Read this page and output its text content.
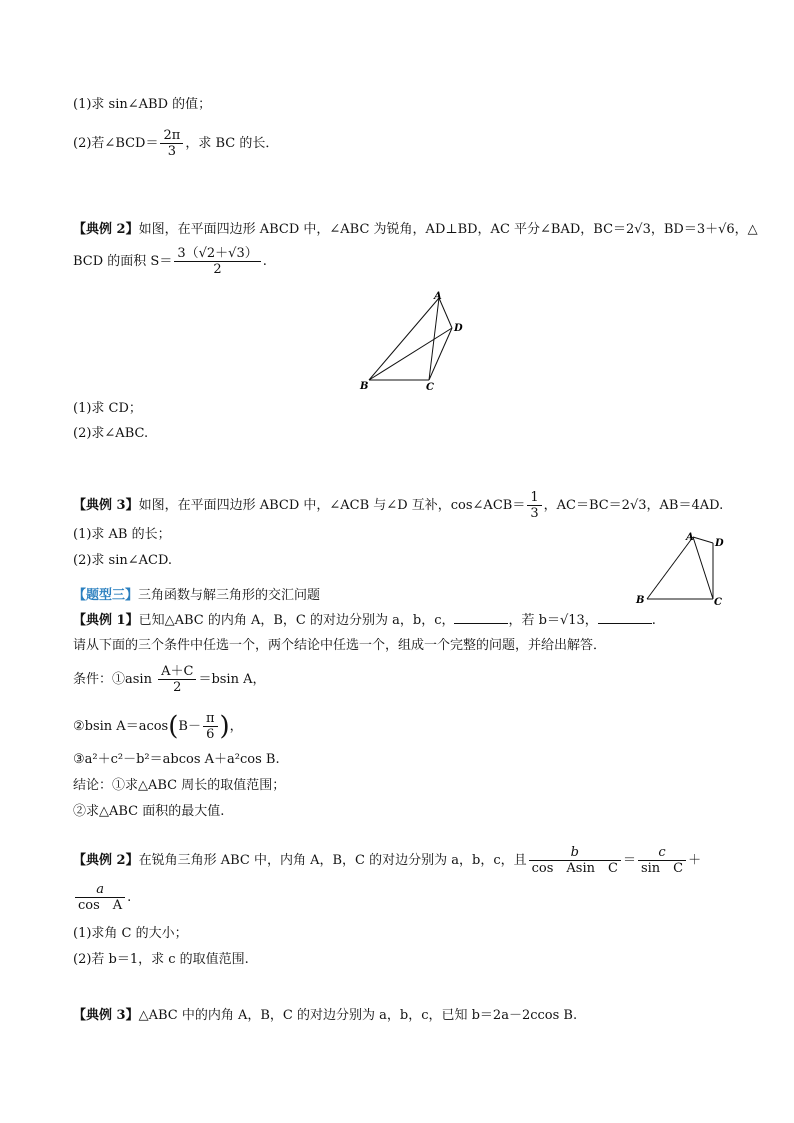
(1)求 sin∠ABD 的值；
(2)若∠BCD＝ $\frac{2\pi}{3}$ ，求 BC 的长．
【典例 2】如图，在平面四边形 ABCD 中，∠ABC 为锐角，AD⊥BD，AC 平分∠BAD，BC＝2√3，BD＝3＋√6，△
BCD 的面积 $S= \frac{3(√2+√3)}{2}$ .
A
D
B	C
(1)求 CD；
(2)求∠ABC.
【典例 3】如图，在平面四边形 ABCD 中，∠ACB 与∠D 互补，cos∠ACB＝ $\frac{1}{3}$ ，AC＝BC＝2√3，AB＝4AD.
(1)求 AB 的长；
(2)求 sin∠ACD.
A
D
B	C
【题型三】三角函数与解三角形的交汇问题
【典例 1】已知△ABC 的内角 A，B，C 的对边分别为 a，b，c，	，若 b＝√13，	.
请从下面的三个条件中任选一个，两个结论中任选一个，组成一个完整的问题，并给出解答．
条件：①asin $\frac{A+C}{2} =bsin$ A，
②bsin $A=acos(B- \frac{\pi}{6}$ )，
③a²＋c²－b²＝abcos A＋a²cos B.
结论：①求△ABC 周长的取值范围；
②求△ABC 面积的最大值.
【典例 2】在锐角三角形 ABC 中，内角 A，B，C 的对边分别为 a，b，c，且 $\frac{b}{\text{cos　Asin　C}} = \frac{c}{\text{sin　C}}$ ＋
$\frac{a}{\text{cos　A}}$ .
(1)求角 C 的大小；
(2)若 b＝1，求 c 的取值范围.
【典例 3】△ABC 中的内角 A，B，C 的对边分别为 a，b，c，已知 b＝2a－2ccos B.
